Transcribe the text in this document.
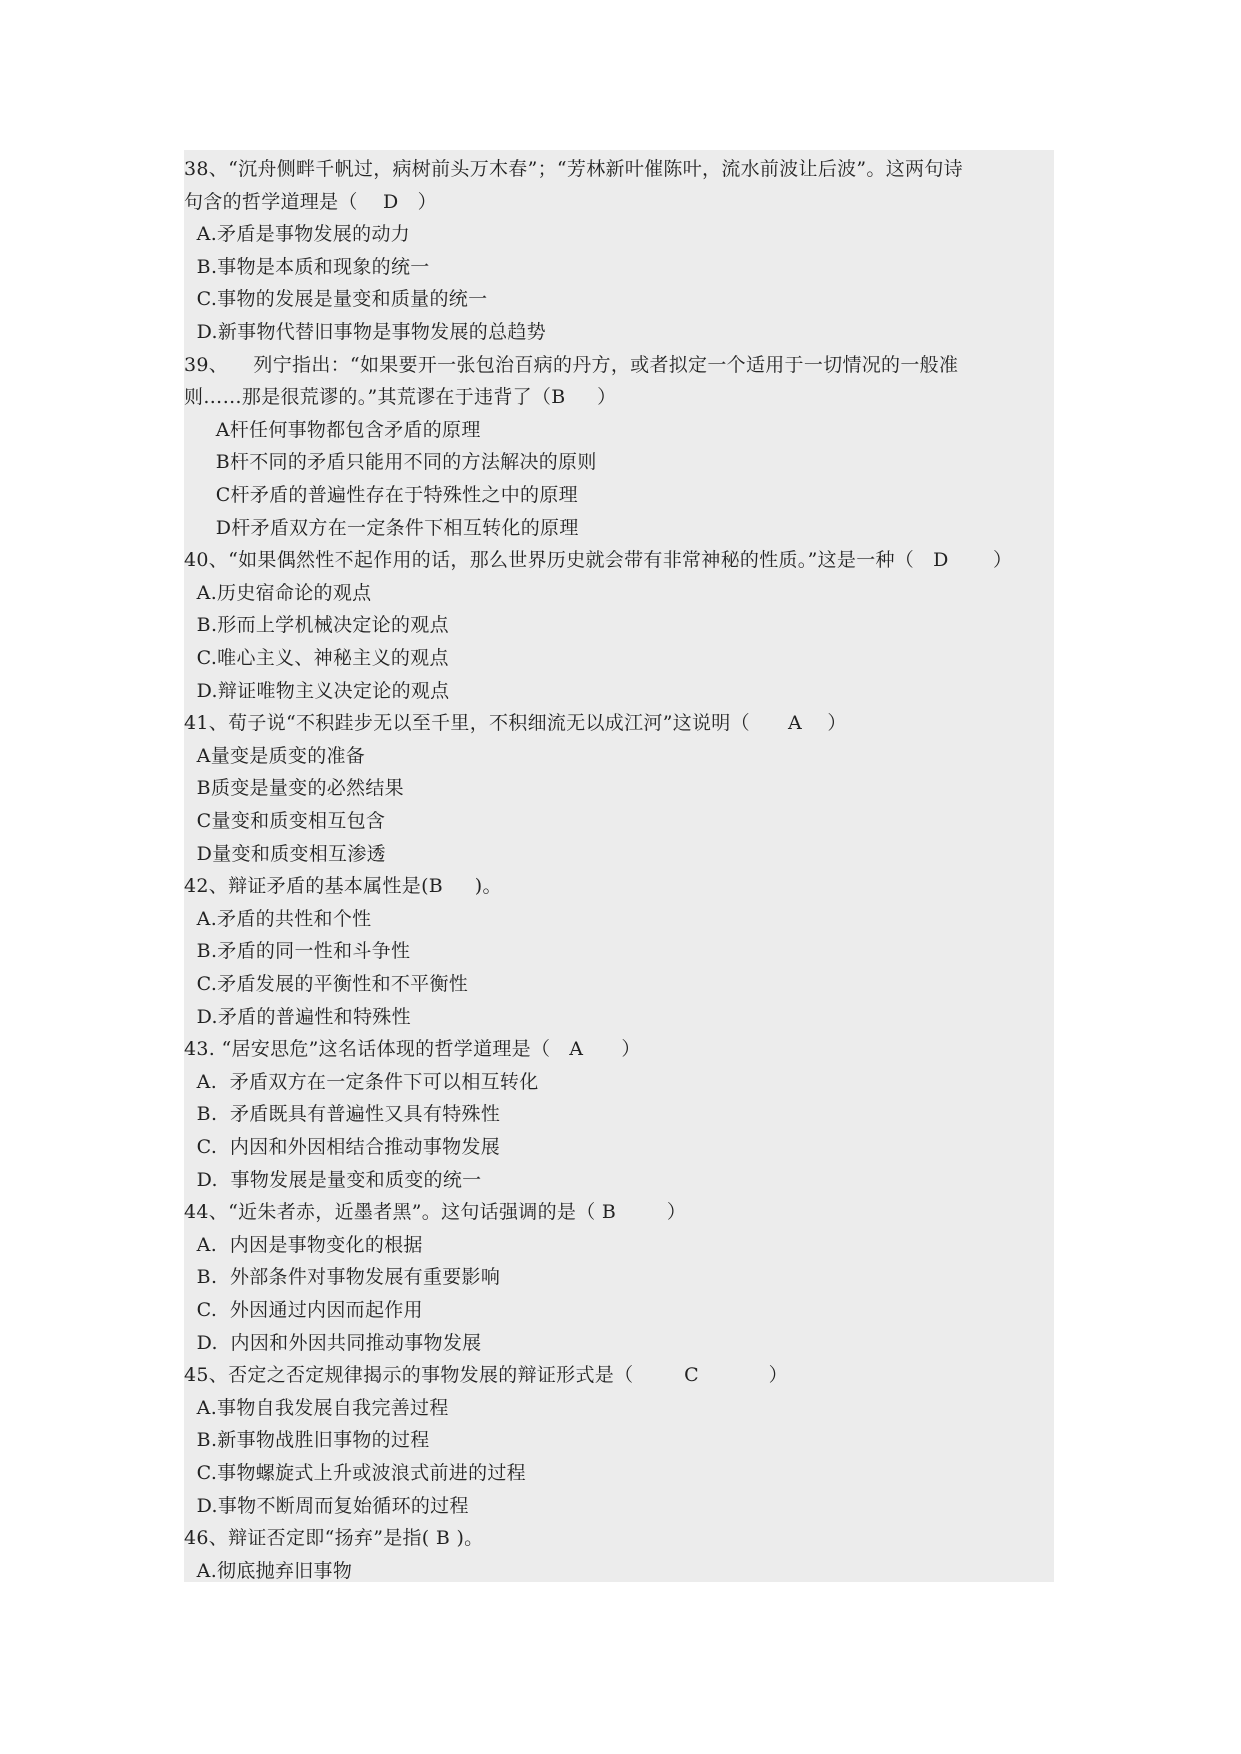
38、“沉舟侧畔千帆过，病树前头万木春”；“芳林新叶催陈叶，流水前波让后波”。这两句诗
句含的哲学道理是（    D   ）
A.矛盾是事物发展的动力
B.事物是本质和现象的统一
C.事物的发展是量变和质量的统一
D.新事物代替旧事物是事物发展的总趋势
39、    列宁指出：“如果要开一张包治百病的丹方，或者拟定一个适用于一切情况的一般准
则……那是很荒谬的。”其荒谬在于违背了（B     ）
A杆任何事物都包含矛盾的原理
B杆不同的矛盾只能用不同的方法解决的原则
C杆矛盾的普遍性存在于特殊性之中的原理
D杆矛盾双方在一定条件下相互转化的原理
40、“如果偶然性不起作用的话，那么世界历史就会带有非常神秘的性质。”这是一种（   D       ）
A.历史宿命论的观点
B.形而上学机械决定论的观点
C.唯心主义、神秘主义的观点
D.辩证唯物主义决定论的观点
41、荀子说“不积跬步无以至千里，不积细流无以成江河”这说明（      A    ）
A量变是质变的准备
B质变是量变的必然结果
C量变和质变相互包含
D量变和质变相互渗透
42、辩证矛盾的基本属性是(B     )。
A.矛盾的共性和个性
B.矛盾的同一性和斗争性
C.矛盾发展的平衡性和不平衡性
D.矛盾的普遍性和特殊性
43. “居安思危”这名话体现的哲学道理是（   A      ）
A.  矛盾双方在一定条件下可以相互转化
B.  矛盾既具有普遍性又具有特殊性
C.  内因和外因相结合推动事物发展
D.  事物发展是量变和质变的统一
44、“近朱者赤，近墨者黑”。这句话强调的是（ B        ）
A.  内因是事物变化的根据
B.  外部条件对事物发展有重要影响
C.  外因通过内因而起作用
D.  内因和外因共同推动事物发展
45、否定之否定规律揭示的事物发展的辩证形式是（        C           ）
A.事物自我发展自我完善过程
B.新事物战胜旧事物的过程
C.事物螺旋式上升或波浪式前进的过程
D.事物不断周而复始循环的过程
46、辩证否定即“扬弃”是指( B )。
A.彻底抛弃旧事物
